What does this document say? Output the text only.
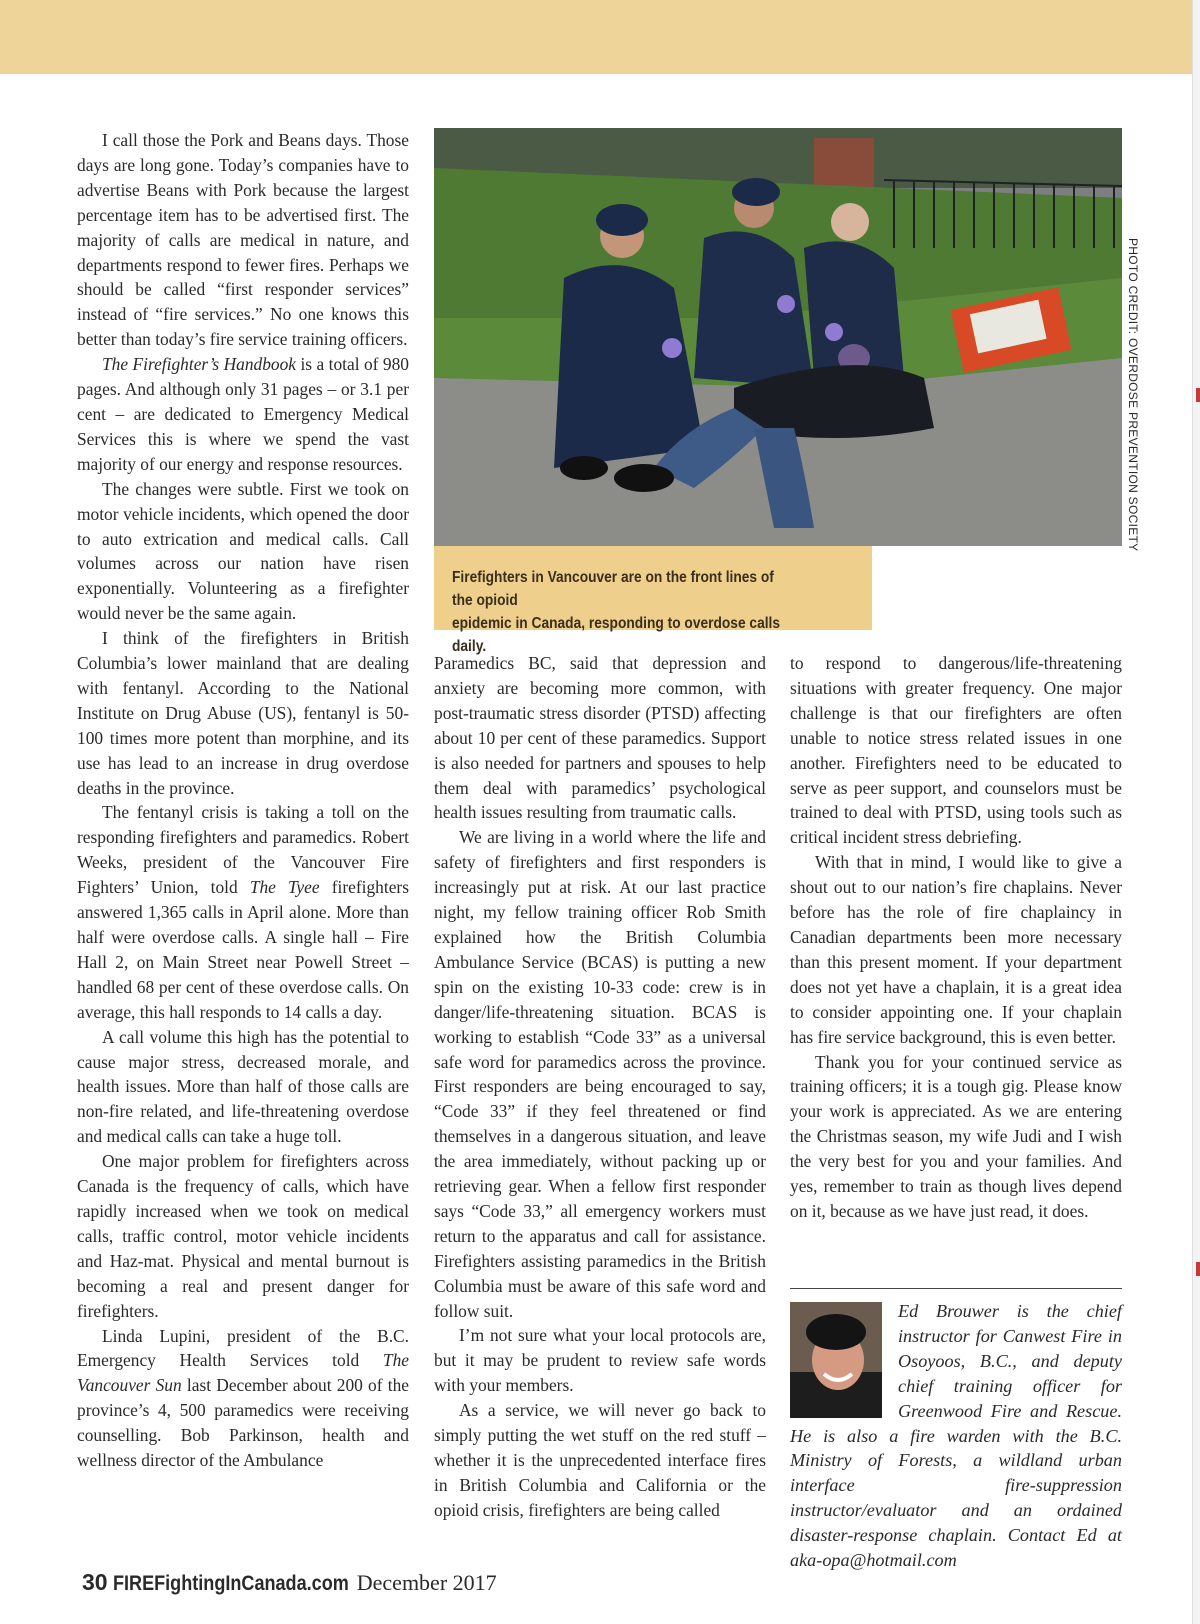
I call those the Pork and Beans days. Those days are long gone. Today’s companies have to advertise Beans with Pork because the largest percentage item has to be advertised first. The majority of calls are medical in nature, and departments respond to fewer fires. Perhaps we should be called “first responder services” instead of “fire services.” No one knows this better than today’s fire service training officers.

The Firefighter’s Handbook is a total of 980 pages. And although only 31 pages – or 3.1 per cent – are dedicated to Emergency Medical Services this is where we spend the vast majority of our energy and response resources.

The changes were subtle. First we took on motor vehicle incidents, which opened the door to auto extrication and medical calls. Call volumes across our nation have risen exponentially. Volunteering as a firefighter would never be the same again.

I think of the firefighters in British Columbia’s lower mainland that are dealing with fentanyl. According to the National Institute on Drug Abuse (US), fentanyl is 50-100 times more potent than morphine, and its use has lead to an increase in drug overdose deaths in the province.

The fentanyl crisis is taking a toll on the responding firefighters and paramedics. Robert Weeks, president of the Vancouver Fire Fighters’ Union, told The Tyee firefighters answered 1,365 calls in April alone. More than half were overdose calls. A single hall – Fire Hall 2, on Main Street near Powell Street – handled 68 per cent of these overdose calls. On average, this hall responds to 14 calls a day.

A call volume this high has the potential to cause major stress, decreased morale, and health issues. More than half of those calls are non-fire related, and life-threatening overdose and medical calls can take a huge toll.

One major problem for firefighters across Canada is the frequency of calls, which have rapidly increased when we took on medical calls, traffic control, motor vehicle incidents and Haz-mat. Physical and mental burnout is becoming a real and present danger for firefighters.

Linda Lupini, president of the B.C. Emergency Health Services told The Vancouver Sun last December about 200 of the province’s 4, 500 paramedics were receiving counselling. Bob Parkinson, health and wellness director of the Ambulance

PHOTO CREDIT: OVERDOSE PREVENTION SOCIETY
Firefighters in Vancouver are on the front lines of the opioid
epidemic in Canada, responding to overdose calls daily.

Paramedics BC, said that depression and anxiety are becoming more common, with post-traumatic stress disorder (PTSD) affecting about 10 per cent of these paramedics. Support is also needed for partners and spouses to help them deal with paramedics’ psychological health issues resulting from traumatic calls.

We are living in a world where the life and safety of firefighters and first responders is increasingly put at risk. At our last practice night, my fellow training officer Rob Smith explained how the British Columbia Ambulance Service (BCAS) is putting a new spin on the existing 10-33 code: crew is in danger/life-threatening situation. BCAS is working to establish “Code 33” as a universal safe word for paramedics across the province. First responders are being encouraged to say, “Code 33” if they feel threatened or find themselves in a dangerous situation, and leave the area immediately, without packing up or retrieving gear. When a fellow first responder says “Code 33,” all emergency workers must return to the apparatus and call for assistance. Firefighters assisting paramedics in the British Columbia must be aware of this safe word and follow suit.

I’m not sure what your local protocols are, but it may be prudent to review safe words with your members.

As a service, we will never go back to simply putting the wet stuff on the red stuff – whether it is the unprecedented interface fires in British Columbia and California or the opioid crisis, firefighters are being called

to respond to dangerous/life-threatening situations with greater frequency. One major challenge is that our firefighters are often unable to notice stress related issues in one another. Firefighters need to be educated to serve as peer support, and counselors must be trained to deal with PTSD, using tools such as critical incident stress debriefing.

With that in mind, I would like to give a shout out to our nation’s fire chaplains. Never before has the role of fire chaplaincy in Canadian departments been more necessary than this present moment. If your department does not yet have a chaplain, it is a great idea to consider appointing one. If your chaplain has fire service background, this is even better.

Thank you for your continued service as training officers; it is a tough gig. Please know your work is appreciated. As we are entering the Christmas season, my wife Judi and I wish the very best for you and your families. And yes, remember to train as though lives depend on it, because as we have just read, it does.

Ed Brouwer is the chief instructor for Canwest Fire in Osoyoos, B.C., and deputy chief training officer for Greenwood Fire and Rescue. He is also a fire warden with the B.C. Ministry of Forests, a wildland urban interface fire-suppression instructor/evaluator and an ordained disaster-response chaplain. Contact Ed at aka-opa@hotmail.com
30 FIREFightingInCanada.com December 2017
